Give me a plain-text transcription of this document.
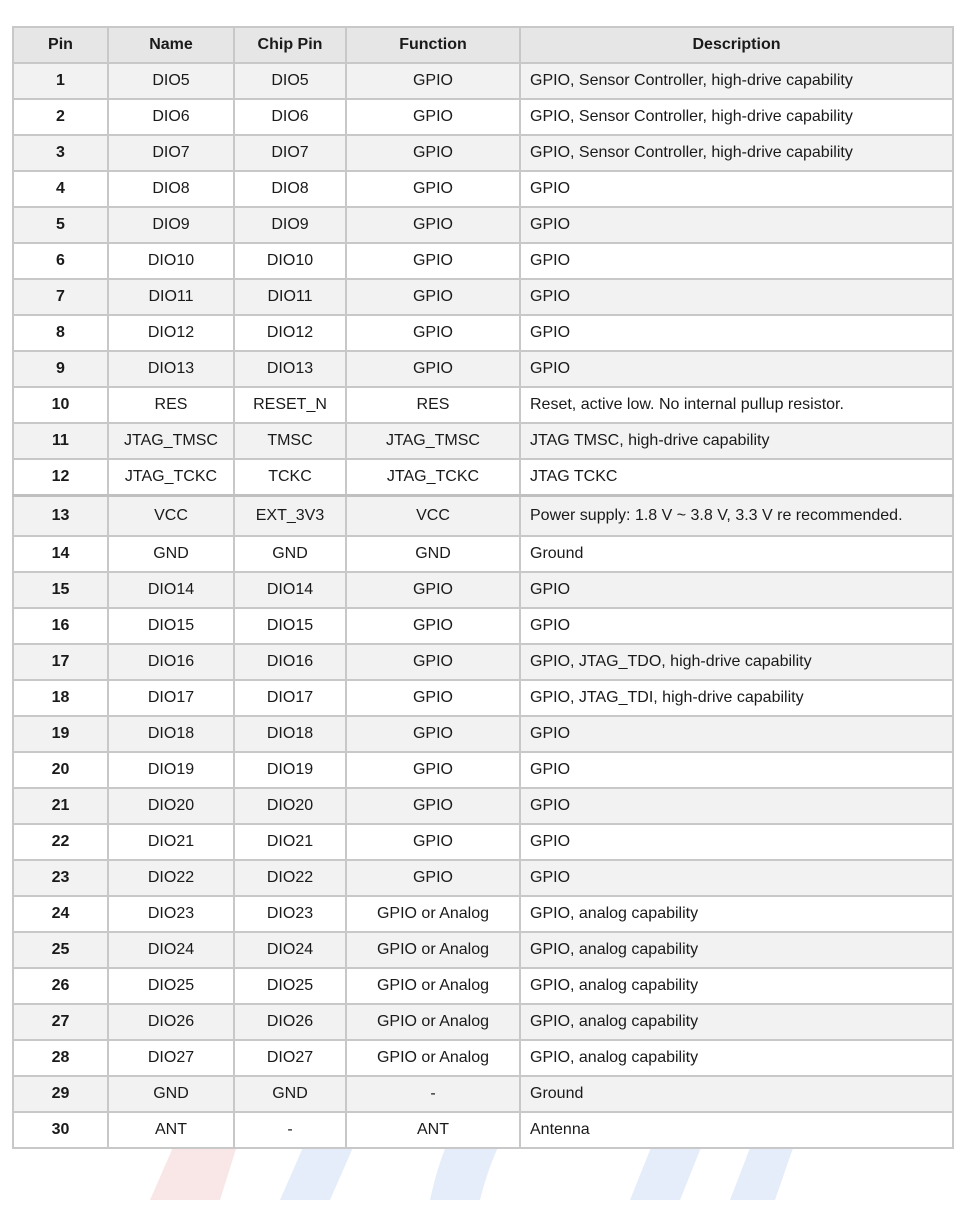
Pin	Name	Chip Pin	Function	Description
1	DIO5	DIO5	GPIO	GPIO, Sensor Controller, high-drive capability
2	DIO6	DIO6	GPIO	GPIO, Sensor Controller, high-drive capability
3	DIO7	DIO7	GPIO	GPIO, Sensor Controller, high-drive capability
4	DIO8	DIO8	GPIO	GPIO
5	DIO9	DIO9	GPIO	GPIO
6	DIO10	DIO10	GPIO	GPIO
7	DIO11	DIO11	GPIO	GPIO
8	DIO12	DIO12	GPIO	GPIO
9	DIO13	DIO13	GPIO	GPIO
10	RES	RESET_N	RES	Reset, active low. No internal pullup resistor.
11	JTAG_TMSC	TMSC	JTAG_TMSC	JTAG TMSC, high-drive capability
12	JTAG_TCKC	TCKC	JTAG_TCKC	JTAG TCKC
13	VCC	EXT_3V3	VCC	Power supply: 1.8 V ~ 3.8 V, 3.3 V re recommended.
14	GND	GND	GND	Ground
15	DIO14	DIO14	GPIO	GPIO
16	DIO15	DIO15	GPIO	GPIO
17	DIO16	DIO16	GPIO	GPIO, JTAG_TDO, high-drive capability
18	DIO17	DIO17	GPIO	GPIO, JTAG_TDI, high-drive capability
19	DIO18	DIO18	GPIO	GPIO
20	DIO19	DIO19	GPIO	GPIO
21	DIO20	DIO20	GPIO	GPIO
22	DIO21	DIO21	GPIO	GPIO
23	DIO22	DIO22	GPIO	GPIO
24	DIO23	DIO23	GPIO or Analog	GPIO, analog capability
25	DIO24	DIO24	GPIO or Analog	GPIO, analog capability
26	DIO25	DIO25	GPIO or Analog	GPIO, analog capability
27	DIO26	DIO26	GPIO or Analog	GPIO, analog capability
28	DIO27	DIO27	GPIO or Analog	GPIO, analog capability
29	GND	GND	-	Ground
30	ANT	-	ANT	Antenna
